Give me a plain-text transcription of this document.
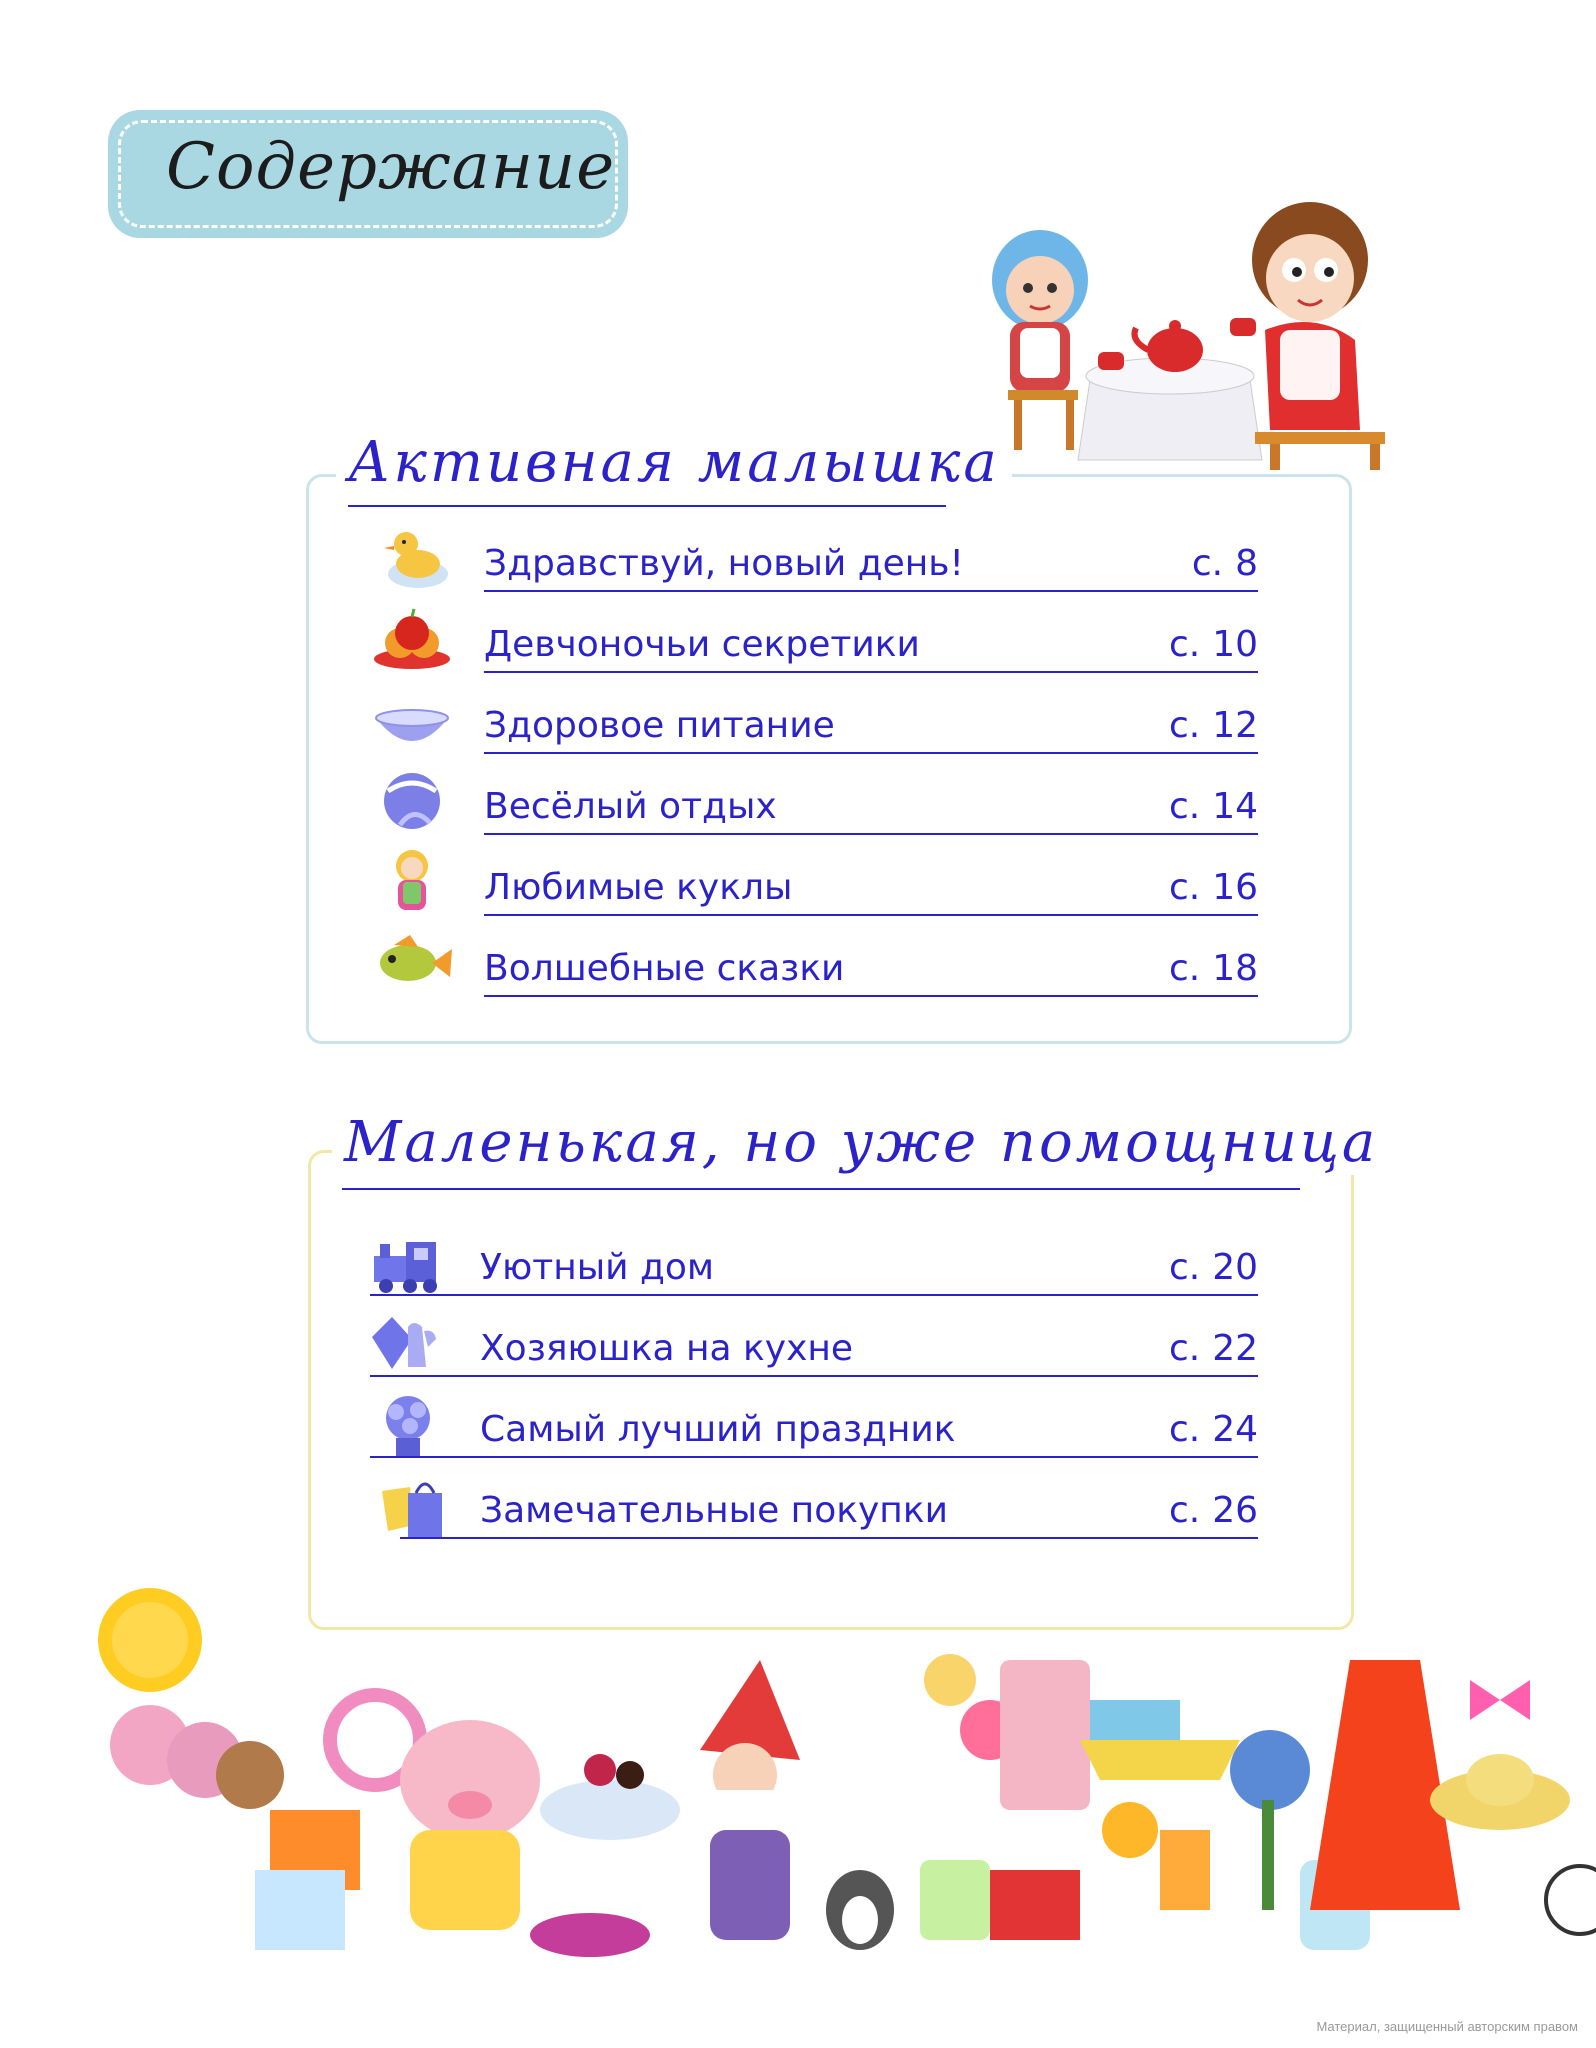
Содержание
Активная малышка
Здравствуй, новый день!	с. 8
Девчоночьи секретики	с. 10
Здоровое питание	с. 12
Весёлый отдых	с. 14
Любимые куклы	с. 16
Волшебные сказки	с. 18
Маленькая, но уже помощница
Уютный дом	с. 20
Хозяюшка на кухне	с. 22
Самый лучший праздник	с. 24
Замечательные покупки	с. 26
Материал, защищенный авторским правом
